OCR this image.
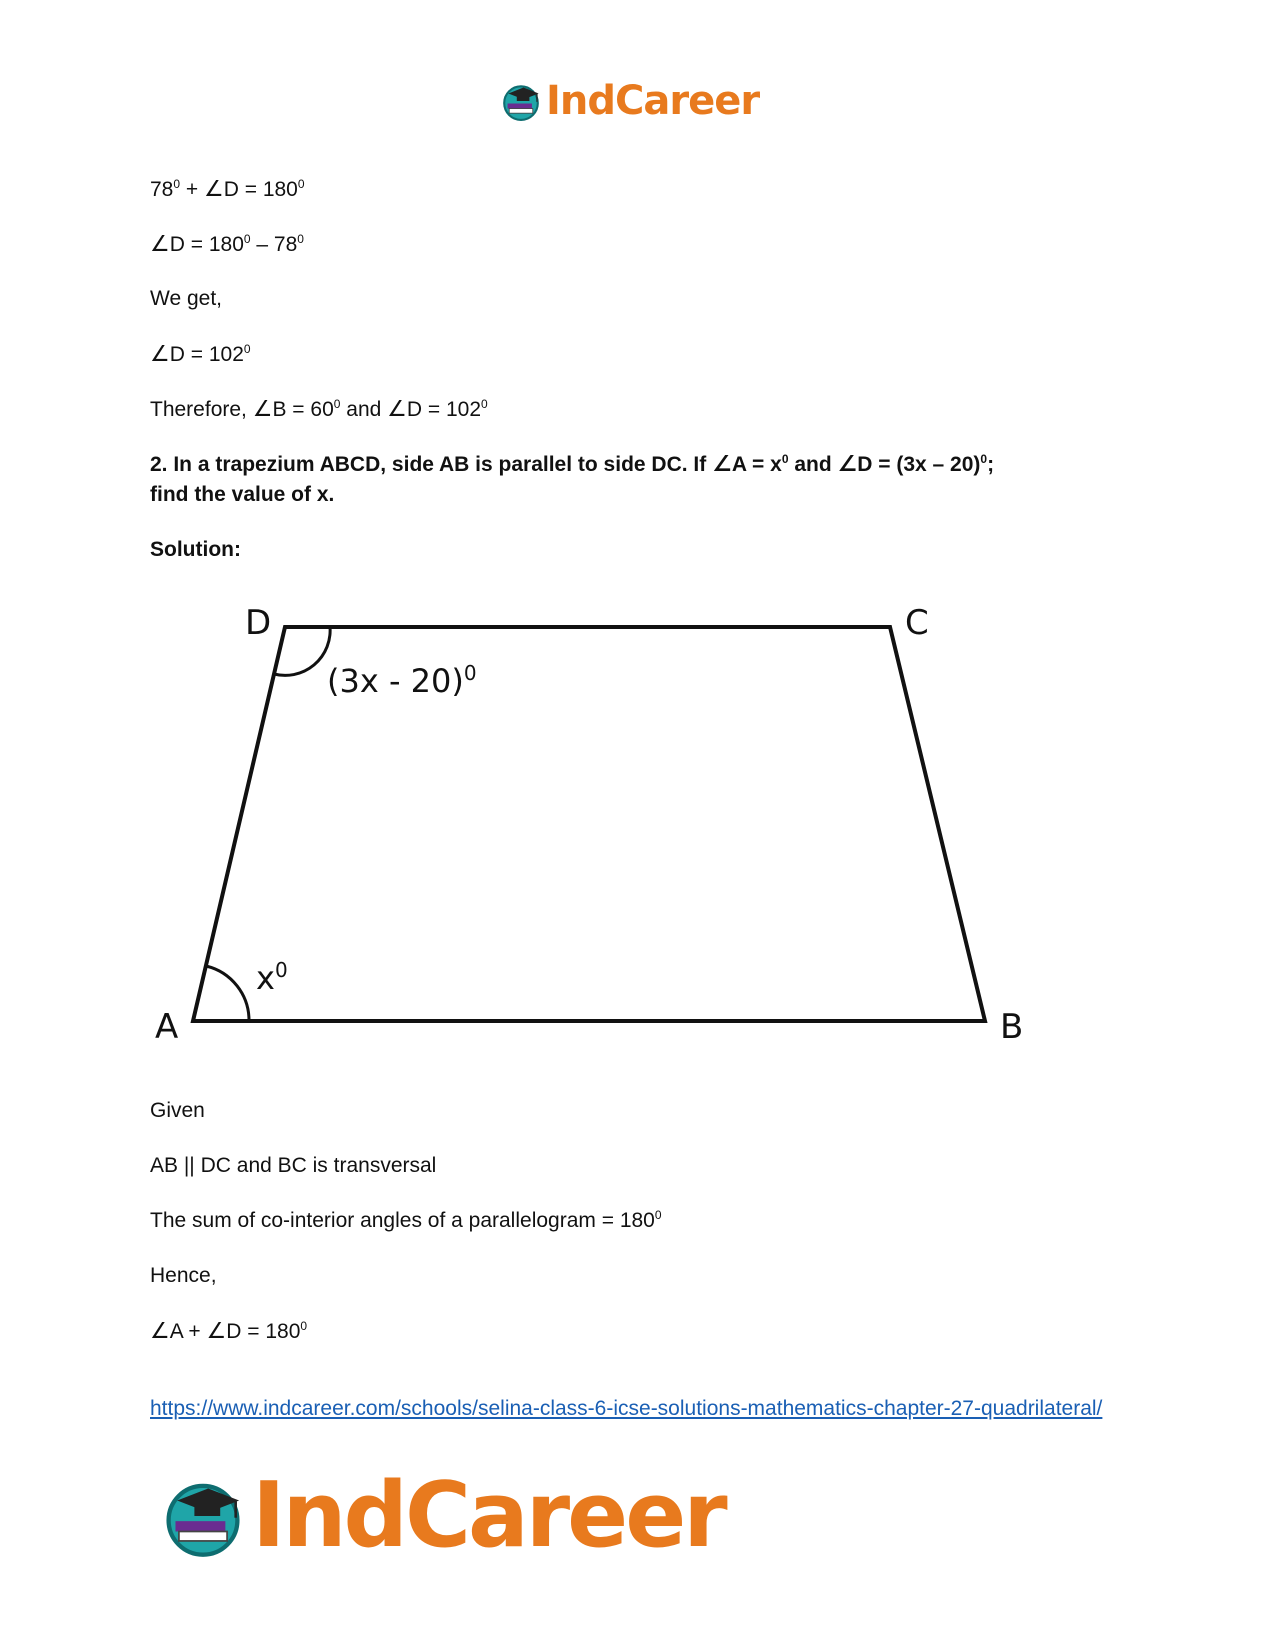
IndCareer
$78^0$ + ∠D = $180^0$
∠D = $180^0 - 78^0$
We get,
∠D = $102^0$
Therefore, ∠B = $60^0$ and ∠D = $102^0$
2. In a trapezium ABCD, side AB is parallel to side DC. If ∠A = $x^0$ and ∠D = (3x – 20)$^0$;
find the value of x.
Solution:
D	C
A	B
(3x - 20)$^0$
$x^0$
Given
AB || DC and BC is transversal
The sum of co-interior angles of a parallelogram = $180^0$
Hence,
∠A + ∠D = $180^0$
https://www.indcareer.com/schools/selina-class-6-icse-solutions-mathematics-chapter-27-quadrilateral/
IndCareer
